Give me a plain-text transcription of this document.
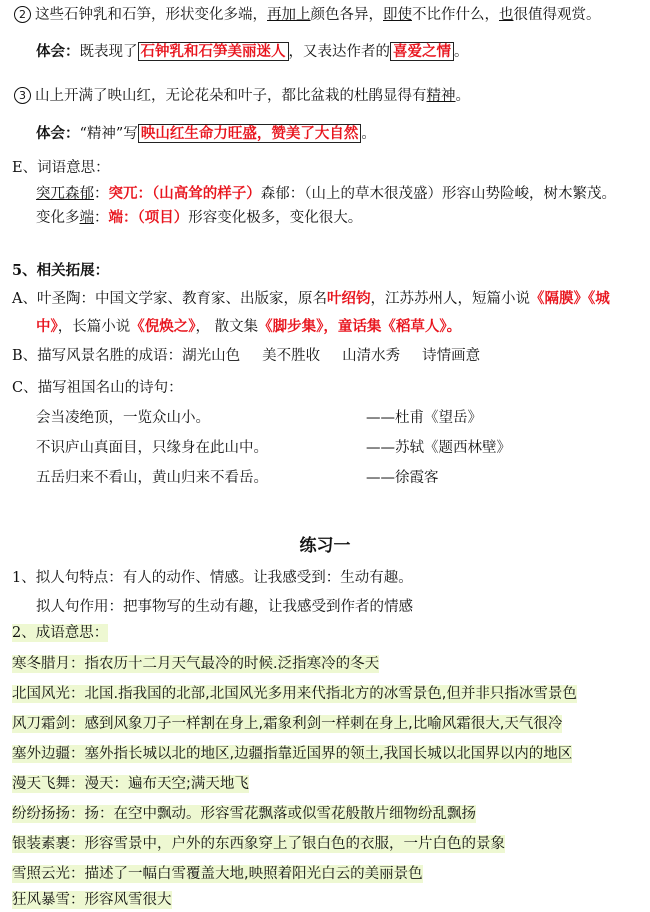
2 这些石钟乳和石笋，形状变化多端，再加上颜色各异，即使不比作什么，也很值得观赏。
体会：既表现了 石钟乳和石笋美丽迷人 ，又表达作者的 喜爱之情 。
3 山上开满了映山红，无论花朵和叶子，都比盆栽的杜鹃显得有精神。
体会：“精神”写 映山红生命力旺盛，赞美了大自然 。
E、词语意思：
突兀森郁：突兀：（山高耸的样子）森郁：（山上的草木很茂盛）形容山势险峻，树木繁茂。
变化多端：端：（项目）形容变化极多，变化很大。
5、相关拓展：
A、叶圣陶：中国文学家、教育家、出版家，原名叶绍钧，江苏苏州人，短篇小说《隔膜》《城
中》，长篇小说《倪焕之》， 散文集《脚步集》，童话集《稻草人》。
B、描写风景名胜的成语：湖光山色 美不胜收 山清水秀 诗情画意
C、描写祖国名山的诗句：
会当凌绝顶，一览众山小。	——杜甫《望岳》
不识庐山真面目，只缘身在此山中。	——苏轼《题西林壁》
五岳归来不看山，黄山归来不看岳。	——徐霞客
练习一
1、拟人句特点：有人的动作、情感。让我感受到：生动有趣。
拟人句作用：把事物写的生动有趣，让我感受到作者的情感
2、成语意思：
寒冬腊月：指农历十二月天气最冷的时候.泛指寒冷的冬天
北国风光：北国.指我国的北部,北国风光多用来代指北方的冰雪景色,但并非只指冰雪景色
风刀霜剑：感到风象刀子一样割在身上,霜象利剑一样刺在身上,比喻风霜很大,天气很冷
塞外边疆：塞外指长城以北的地区,边疆指靠近国界的领土,我国长城以北国界以内的地区
漫天飞舞：漫天：遍布天空;满天地飞
纷纷扬扬：扬：在空中飘动。形容雪花飘落或似雪花般散片细物纷乱飘扬
银装素裹：形容雪景中，户外的东西象穿上了银白色的衣服，一片白色的景象
雪照云光：描述了一幅白雪覆盖大地,映照着阳光白云的美丽景色
狂风暴雪：形容风雪很大
